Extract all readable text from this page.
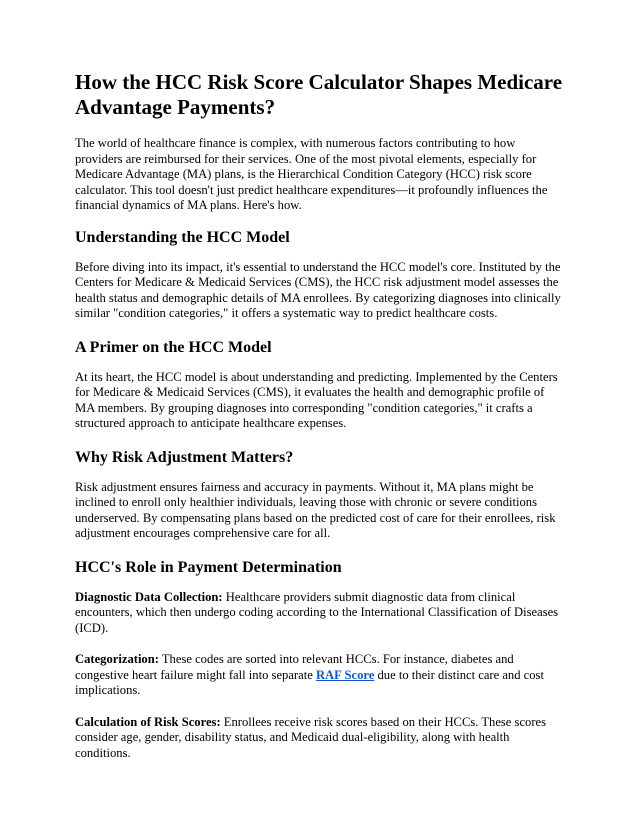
How the HCC Risk Score Calculator Shapes Medicare Advantage Payments?

The world of healthcare finance is complex, with numerous factors contributing to how providers are reimbursed for their services. One of the most pivotal elements, especially for Medicare Advantage (MA) plans, is the Hierarchical Condition Category (HCC) risk score calculator. This tool doesn't just predict healthcare expenditures—it profoundly influences the financial dynamics of MA plans. Here's how.

Understanding the HCC Model

Before diving into its impact, it's essential to understand the HCC model's core. Instituted by the Centers for Medicare & Medicaid Services (CMS), the HCC risk adjustment model assesses the health status and demographic details of MA enrollees. By categorizing diagnoses into clinically similar "condition categories," it offers a systematic way to predict healthcare costs.

A Primer on the HCC Model

At its heart, the HCC model is about understanding and predicting. Implemented by the Centers for Medicare & Medicaid Services (CMS), it evaluates the health and demographic profile of MA members. By grouping diagnoses into corresponding "condition categories," it crafts a structured approach to anticipate healthcare expenses.

Why Risk Adjustment Matters?

Risk adjustment ensures fairness and accuracy in payments. Without it, MA plans might be inclined to enroll only healthier individuals, leaving those with chronic or severe conditions underserved. By compensating plans based on the predicted cost of care for their enrollees, risk adjustment encourages comprehensive care for all.

HCC's Role in Payment Determination

Diagnostic Data Collection: Healthcare providers submit diagnostic data from clinical encounters, which then undergo coding according to the International Classification of Diseases (ICD).

Categorization: These codes are sorted into relevant HCCs. For instance, diabetes and congestive heart failure might fall into separate RAF Score due to their distinct care and cost implications.

Calculation of Risk Scores: Enrollees receive risk scores based on their HCCs. These scores consider age, gender, disability status, and Medicaid dual-eligibility, along with health conditions.
